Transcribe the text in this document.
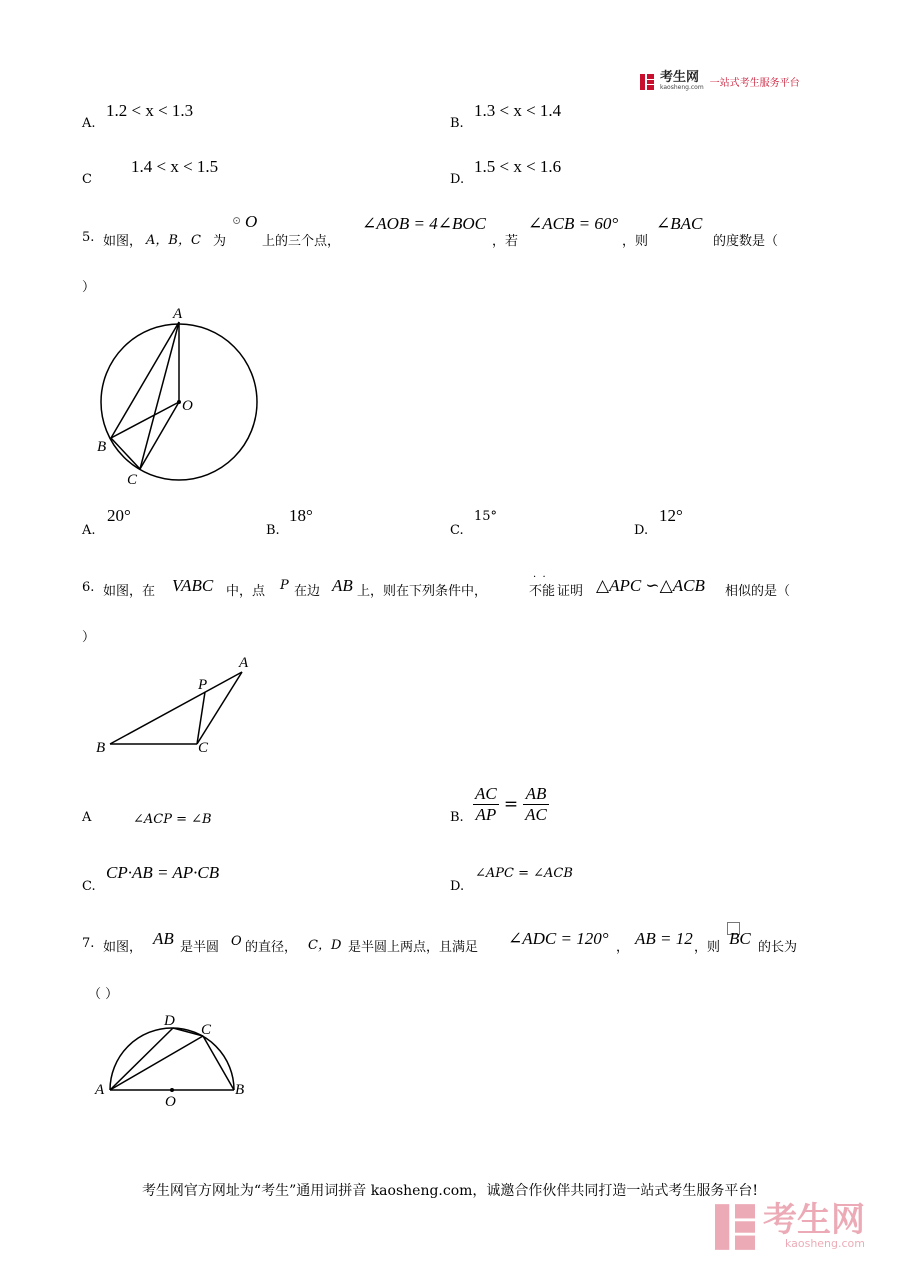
考生网
kaosheng.com 一站式考生服务平台
A.
1.2 < x < 1.3
B.
1.3 < x < 1.4
C
1.4 < x < 1.5
D.
1.5 < x < 1.6
5. 如图， A，B，C 为
⊙ O
上的三个点，
∠AOB = 4∠BOC
，若
∠ACB = 60°
，则
∠BAC
的度数是（
）
A
O
B
C
A.
20°
B.
18°
C.
15°
D.
12°
6. 如图，在 VABC 中，点 P 在边 AB 上，则在下列条件中，	不能
·  ·
证明 △APC ∽△ACB 相似的是（
）
A
P
B	C
A	∠ACP = ∠B	B. $\frac{AC}{AP} = \frac{AB}{AC}$
C.
CP·AB = AP·CB
D.
∠APC = ∠ACB
7. 如图， AB 是半圆 O 的直径， C，D 是半圆上两点，且满足 ∠ADC = 120° ， AB = 12 ，则 BC 的长为
（ ）
D
C
A
O
B
考生网官方网址为“考生”通用词拼音 kaosheng.com，诚邀合作伙伴共同打造一站式考生服务平台!
考生网
kaosheng.com
